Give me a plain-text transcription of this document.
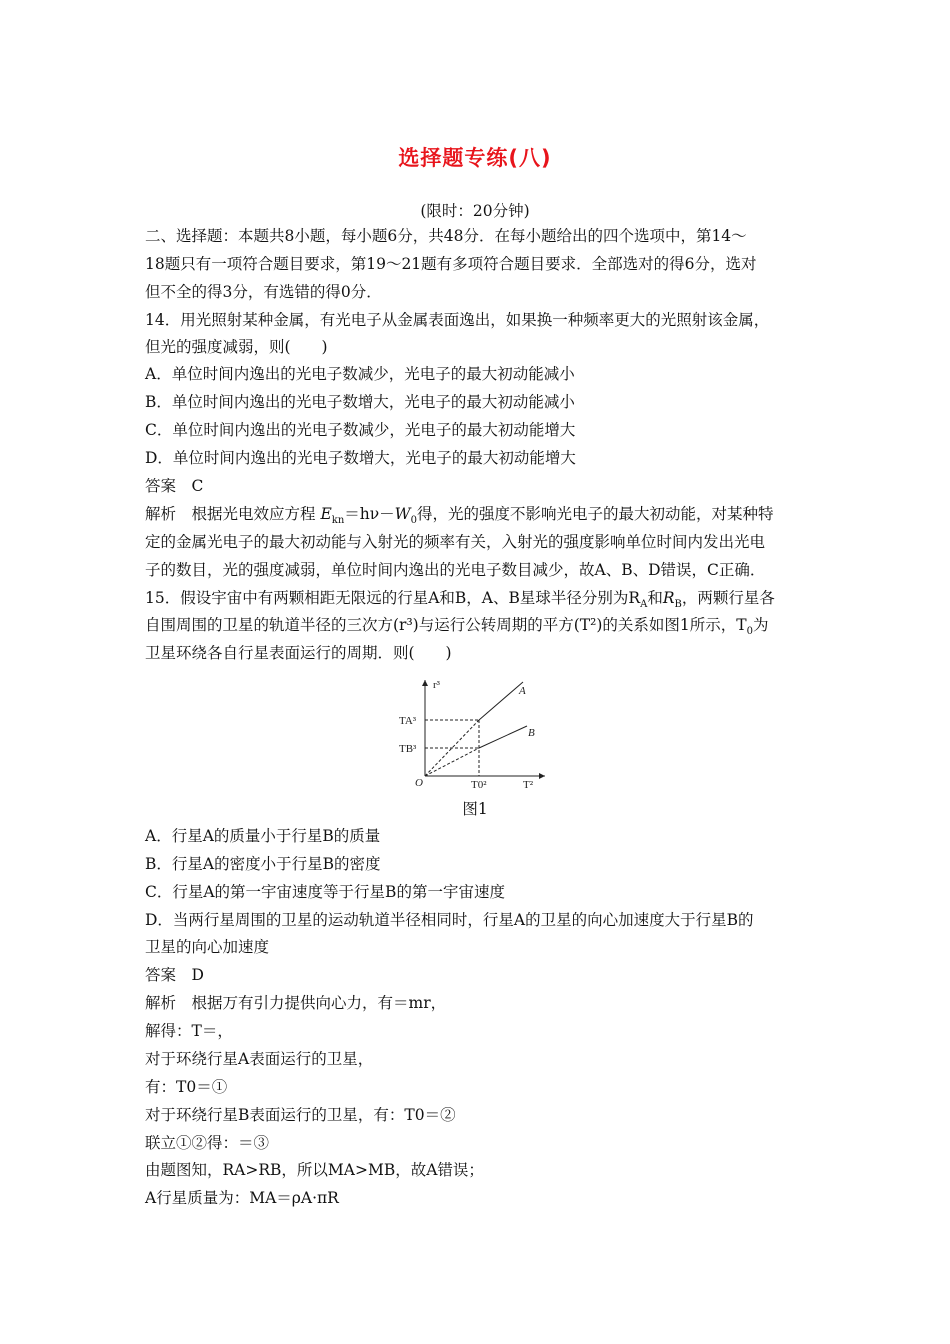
选择题专练(八)
(限时：20分钟)
二、选择题：本题共8小题，每小题6分，共48分．在每小题给出的四个选项中，第14～
18题只有一项符合题目要求，第19～21题有多项符合题目要求．全部选对的得6分，选对
但不全的得3分，有选错的得0分．
14．用光照射某种金属，有光电子从金属表面逸出，如果换一种频率更大的光照射该金属，
但光的强度减弱，则(　　)
A．单位时间内逸出的光电子数减少，光电子的最大初动能减小
B．单位时间内逸出的光电子数增大，光电子的最大初动能减小
C．单位时间内逸出的光电子数减少，光电子的最大初动能增大
D．单位时间内逸出的光电子数增大，光电子的最大初动能增大
答案　C
解析　根据光电效应方程 $E_{kn}=h\nu-W_0$得，光的强度不影响光电子的最大初动能，对某种特
定的金属光电子的最大初动能与入射光的频率有关，入射光的强度影响单位时间内发出光电
子的数目，光的强度减弱，单位时间内逸出的光电子数目减少，故A、B、D错误，C正确．
15．假设宇宙中有两颗相距无限远的行星A和B，A、B星球半径分别为$R_A$和$R_B$，两颗行星各
自围周围的卫星的轨道半径的三次方(r³)与运行公转周期的平方(T²)的关系如图1所示，$T_0$为
卫星环绕各自行星表面运行的周期．则(　　)
r³
T²
O
A
B
TA³
TB³
T0²
图1
A．行星A的质量小于行星B的质量
B．行星A的密度小于行星B的密度
C．行星A的第一宇宙速度等于行星B的第一宇宙速度
D．当两行星周围的卫星的运动轨道半径相同时，行星A的卫星的向心加速度大于行星B的
卫星的向心加速度
答案　D
解析　根据万有引力提供向心力，有＝mr，
解得：T＝，
对于环绕行星A表面运行的卫星，
有：T0＝①
对于环绕行星B表面运行的卫星，有：T0＝②
联立①②得：＝③
由题图知，RA>RB，所以MA>MB，故A错误；
A行星质量为：MA＝ρA·πR
